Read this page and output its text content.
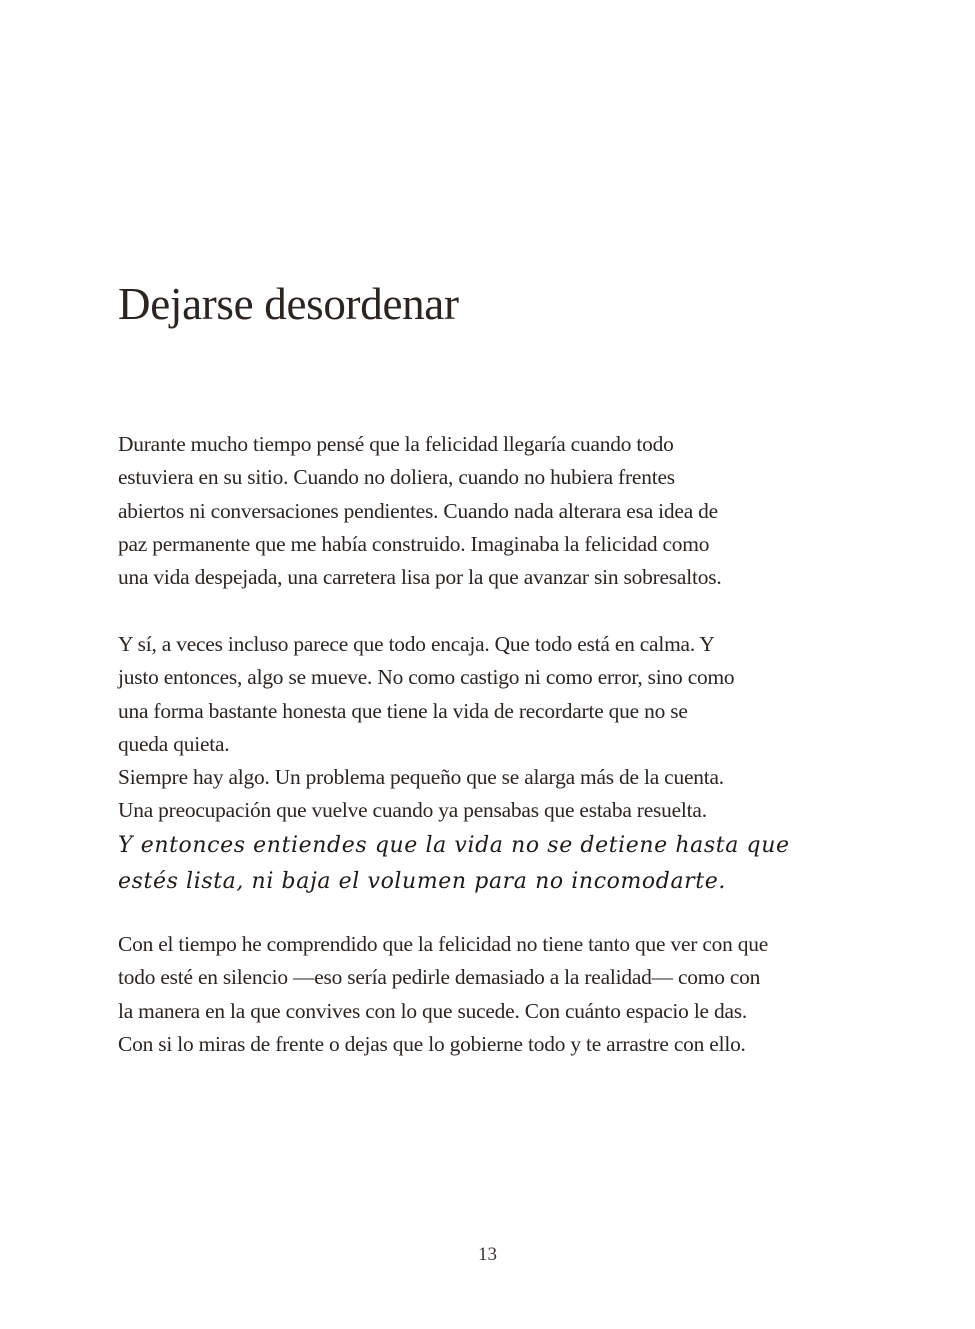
Dejarse desordenar
Durante mucho tiempo pensé que la felicidad llegaría cuando todo
estuviera en su sitio. Cuando no doliera, cuando no hubiera frentes
abiertos ni conversaciones pendientes. Cuando nada alterara esa idea de
paz permanente que me había construido. Imaginaba la felicidad como
una vida despejada, una carretera lisa por la que avanzar sin sobresaltos.
Y sí, a veces incluso parece que todo encaja. Que todo está en calma. Y
justo entonces, algo se mueve. No como castigo ni como error, sino como
una forma bastante honesta que tiene la vida de recordarte que no se
queda quieta.
Siempre hay algo. Un problema pequeño que se alarga más de la cuenta.
Una preocupación que vuelve cuando ya pensabas que estaba resuelta.
Y entonces entiendes que la vida no se detiene hasta que
estés lista, ni baja el volumen para no incomodarte.
Con el tiempo he comprendido que la felicidad no tiene tanto que ver con que
todo esté en silencio —eso sería pedirle demasiado a la realidad— como con
la manera en la que convives con lo que sucede. Con cuánto espacio le das.
Con si lo miras de frente o dejas que lo gobierne todo y te arrastre con ello.
13
